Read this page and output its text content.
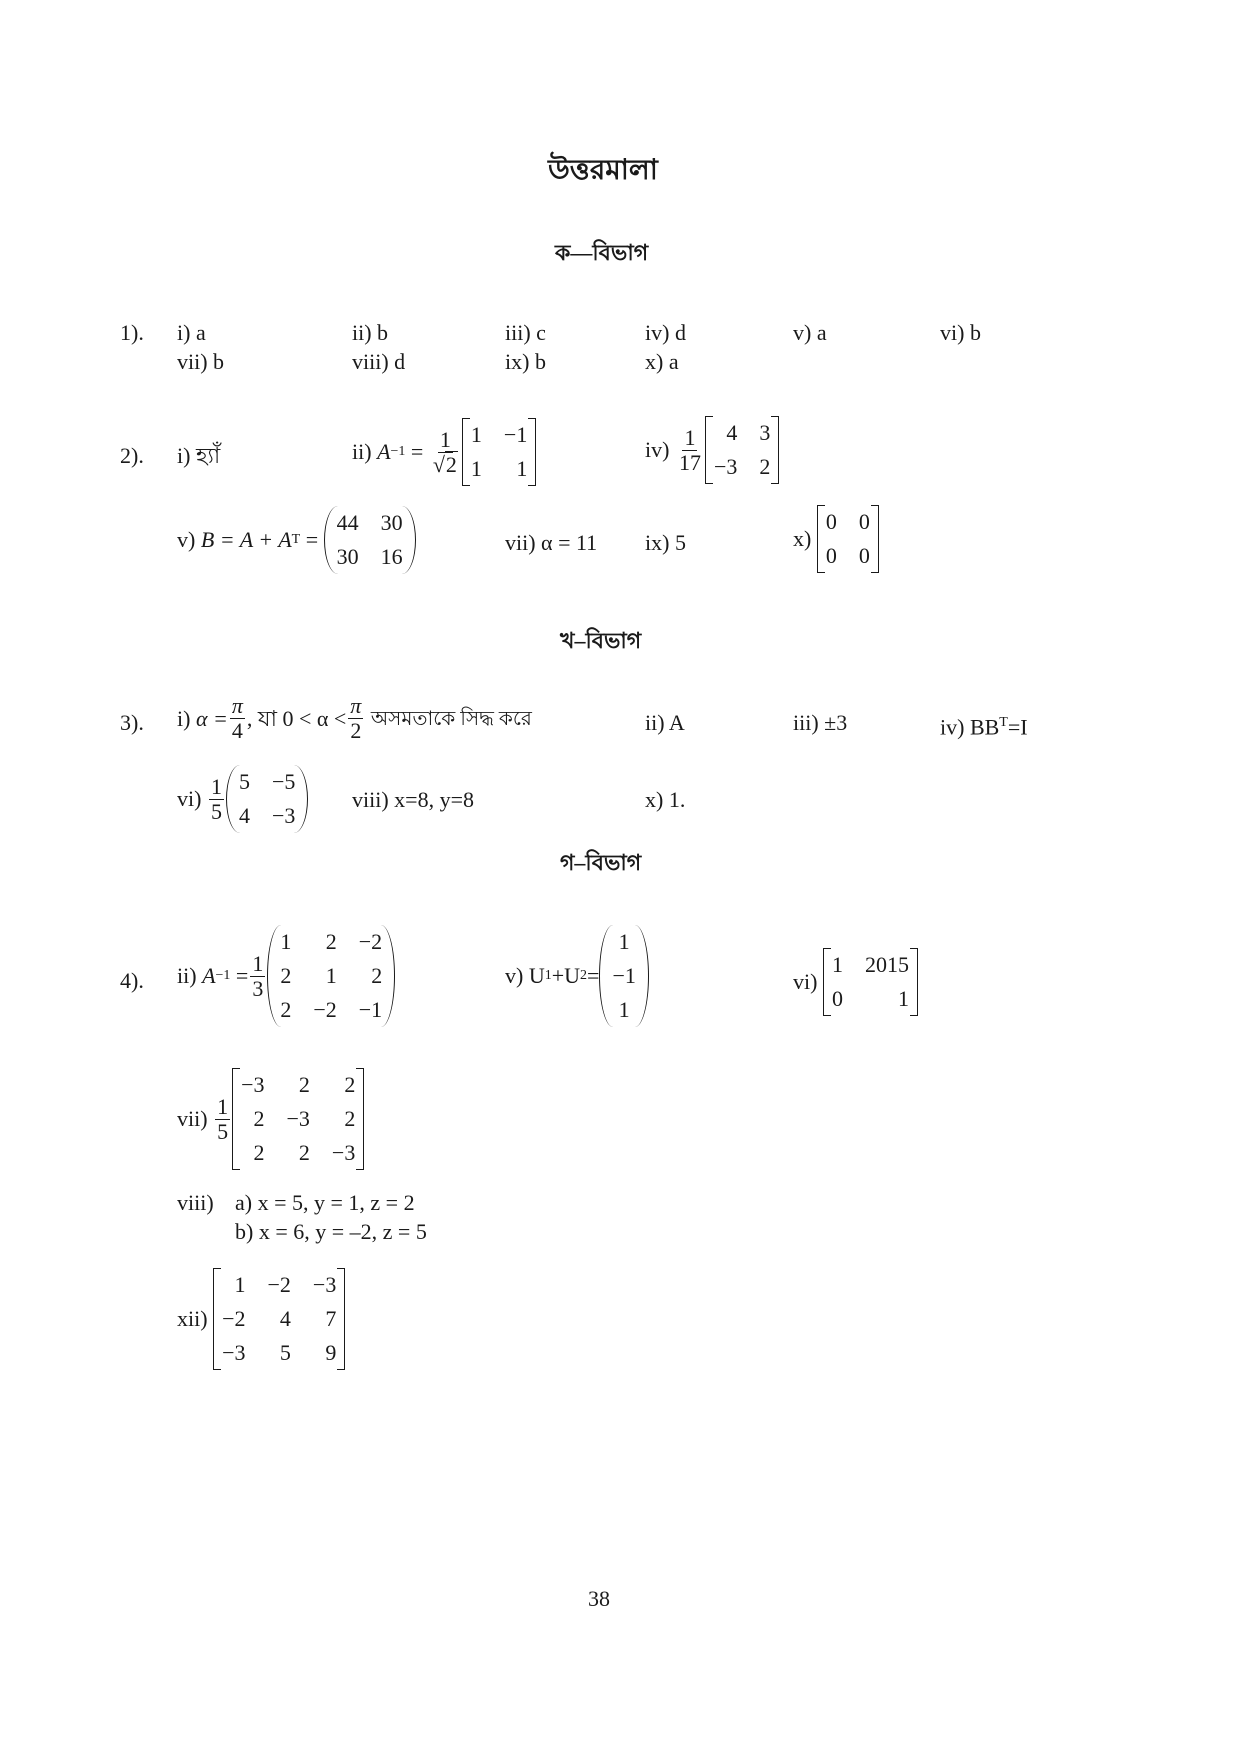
উত্তরমালা
ক—বিভাগ
1). i) a	ii) b	iii) c	iv) d	v) a	vi) b
vii) b	viii) d	ix) b	x) a
2). i) হ্যাঁ	ii)
$A -1 = \frac{1}{√2} 1 -1$
1	1
iv)
$\frac{1}{17}$	4 3
−3 2
v)
B = A + A T =
44 30
30 16
vii) α = 11 ix) 5	x)

0 0
0 0
খ–বিভাগ
3). i)
$\alpha = \frac{\pi}{4}$ , যা $0 < \alpha < \frac{\pi}{2}$
অসমতাকে সিদ্ধ করে	ii) A	iii) ±3	iv) $BB^T=I$
vi)
$\frac{1}{5} 5 -5$
4 −3
viii) x=8, y=8	x) 1.
গ–বিভাগ
4). ii)
$A -1 = \frac{1}{3}$
1	2 −2
2	1	2
2 −2 −1
v) U 1 +U 2 =
1
−1
1
vi)

1 2015
0	1
vii)
$\frac{1}{5}$
−3	2	2
2 −3	2
2	2 −3
viii) a) x = 5, y = 1, z = 2
b) x = 6, y = –2, z = 5
xii)

1 −2 −3
−2	4	7
−3	5	9
38
